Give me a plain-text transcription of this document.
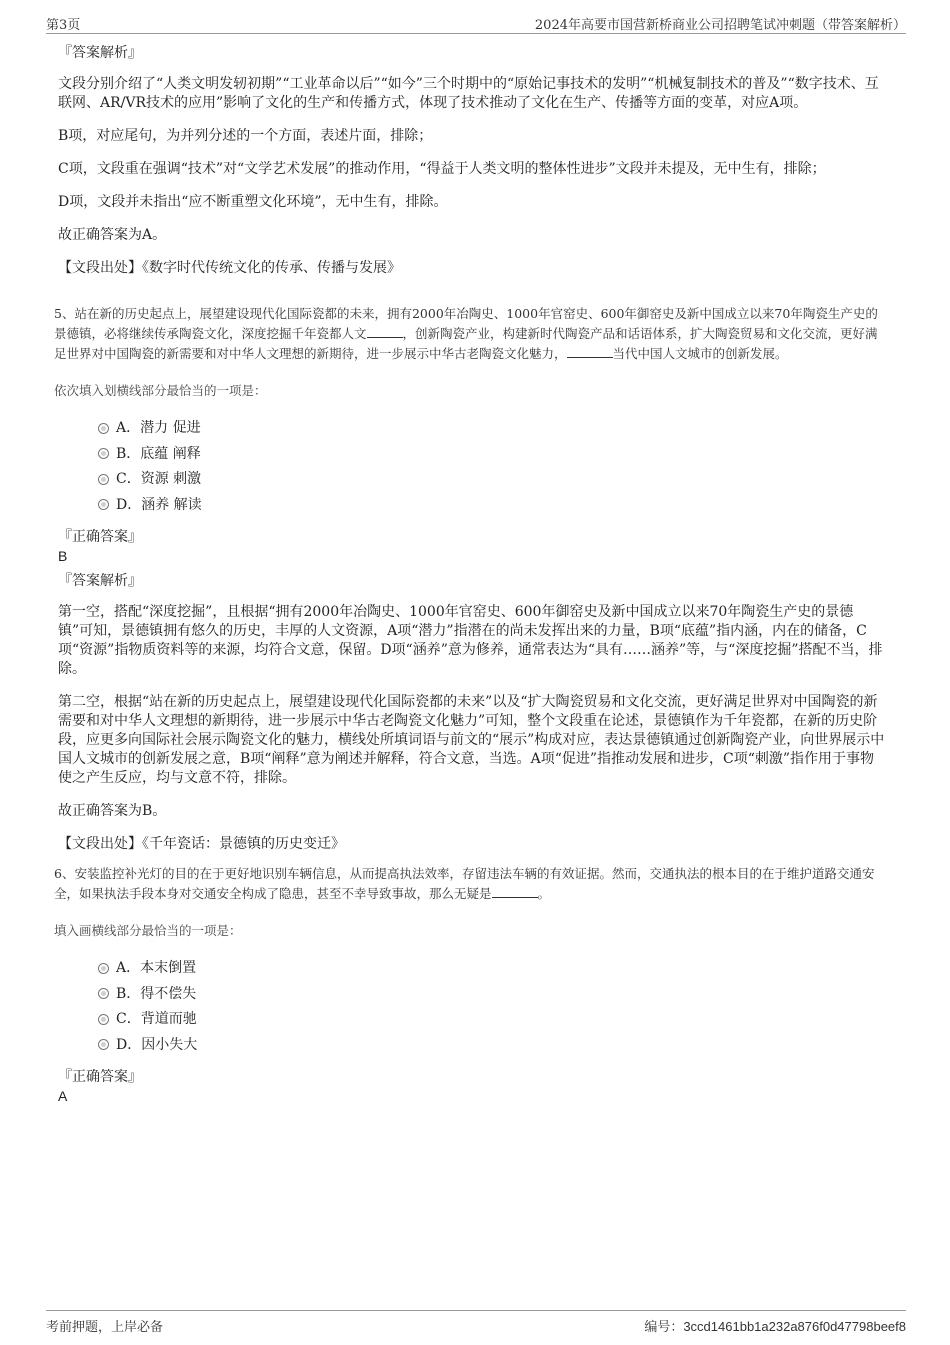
第3页	2024年高要市国营新桥商业公司招聘笔试冲刺题（带答案解析）
『答案解析』
文段分别介绍了“人类文明发轫初期”“工业革命以后”“如今”三个时期中的“原始记事技术的发明”“机械复制技术的普及”“数字技术、互联网、AR/VR技术的应用”影响了文化的生产和传播方式，体现了技术推动了文化在生产、传播等方面的变革，对应A项。
B项，对应尾句，为并列分述的一个方面，表述片面，排除；
C项，文段重在强调“技术”对“文学艺术发展”的推动作用，“得益于人类文明的整体性进步”文段并未提及，无中生有，排除；
D项，文段并未指出“应不断重塑文化环境”，无中生有，排除。
故正确答案为A。
【文段出处】《数字时代传统文化的传承、传播与发展》
5、站在新的历史起点上，展望建设现代化国际瓷都的未来，拥有2000年冶陶史、1000年官窑史、600年御窑史及新中国成立以来70年陶瓷生产史的景德镇，必将继续传承陶瓷文化，深度挖掘千年瓷都人文	，创新陶瓷产业，构建新时代陶瓷产品和话语体系，扩大陶瓷贸易和文化交流，更好满足世界对中国陶瓷的新需要和对中华人文理想的新期待，进一步展示中华古老陶瓷文化魅力，	当代中国人文城市的创新发展。
依次填入划横线部分最恰当的一项是：
A．潜力 促进
B．底蕴 阐释
C．资源 刺激
D．涵养 解读
『正确答案』
B
『答案解析』
第一空，搭配“深度挖掘”，且根据“拥有2000年冶陶史、1000年官窑史、600年御窑史及新中国成立以来70年陶瓷生产史的景德镇”可知，景德镇拥有悠久的历史，丰厚的人文资源，A项“潜力”指潜在的尚未发挥出来的力量，B项“底蕴”指内涵，内在的储备，C项“资源”指物质资料等的来源，均符合文意，保留。D项“涵养”意为修养，通常表达为“具有……涵养”等，与“深度挖掘”搭配不当，排除。
第二空，根据“站在新的历史起点上，展望建设现代化国际瓷都的未来”以及“扩大陶瓷贸易和文化交流，更好满足世界对中国陶瓷的新需要和对中华人文理想的新期待，进一步展示中华古老陶瓷文化魅力”可知，整个文段重在论述，景德镇作为千年瓷都，在新的历史阶段，应更多向国际社会展示陶瓷文化的魅力，横线处所填词语与前文的“展示”构成对应，表达景德镇通过创新陶瓷产业，向世界展示中国人文城市的创新发展之意，B项“阐释”意为阐述并解释，符合文意，当选。A项“促进”指推动发展和进步，C项“刺激”指作用于事物使之产生反应，均与文意不符，排除。
故正确答案为B。
【文段出处】《千年瓷话：景德镇的历史变迁》
6、安装监控补光灯的目的在于更好地识别车辆信息，从而提高执法效率，存留违法车辆的有效证据。然而，交通执法的根本目的在于维护道路交通安全，如果执法手段本身对交通安全构成了隐患，甚至不幸导致事故，那么无疑是	。
填入画横线部分最恰当的一项是：
A．本末倒置
B．得不偿失
C．背道而驰
D．因小失大
『正确答案』
A
考前押题，上岸必备	编号：3ccd1461bb1a232a876f0d47798beef8
